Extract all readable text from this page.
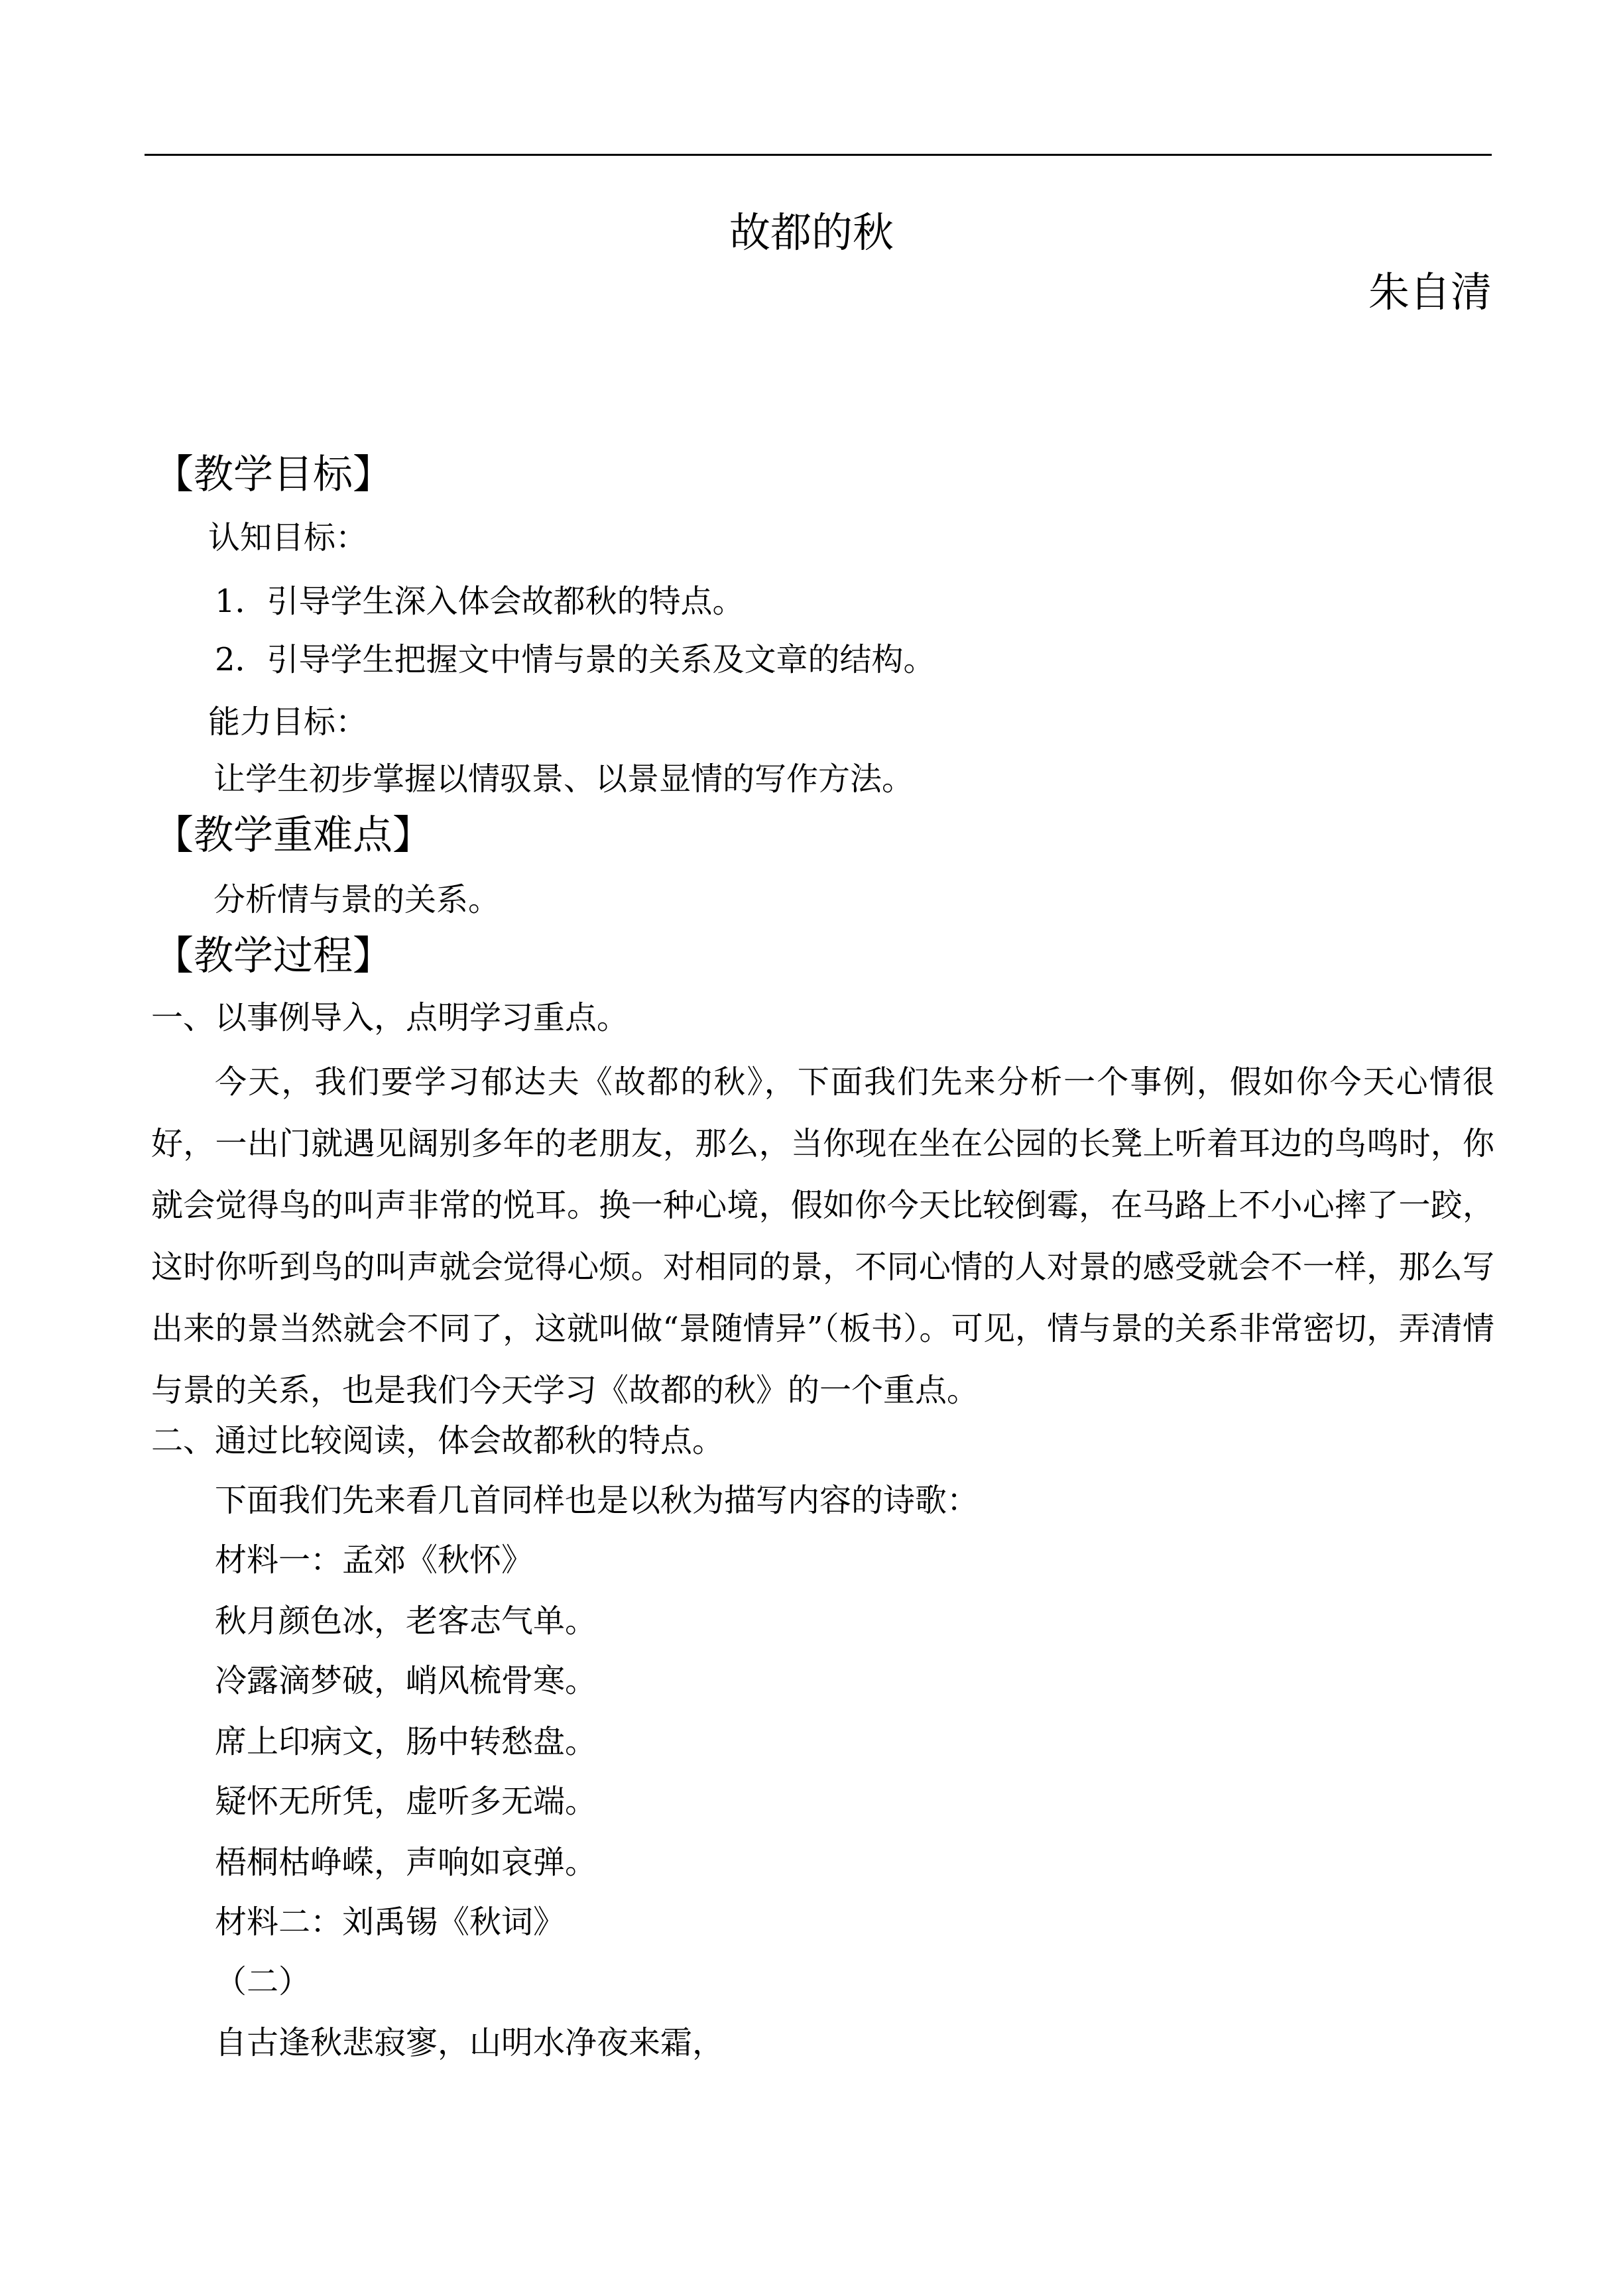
故都的秋
朱自清
【教学目标】
认知目标：
1．引导学生深入体会故都秋的特点。
2．引导学生把握文中情与景的关系及文章的结构。
能力目标：
让学生初步掌握以情驭景、以景显情的写作方法。
【教学重难点】
分析情与景的关系。
【教学过程】
一、以事例导入，点明学习重点。
今天，我们要学习郁达夫《故都的秋》，下面我们先来分析一个事例，假如你今天心情很好，一出门就遇见阔别多年的老朋友，那么，当你现在坐在公园的长凳上听着耳边的鸟鸣时，你就会觉得鸟的叫声非常的悦耳。换一种心境，假如你今天比较倒霉，在马路上不小心摔了一跤，这时你听到鸟的叫声就会觉得心烦。对相同的景，不同心情的人对景的感受就会不一样，那么写出来的景当然就会不同了，这就叫做“景随情异”（板书）。可见，情与景的关系非常密切，弄清情与景的关系，也是我们今天学习《故都的秋》的一个重点。
二、通过比较阅读，体会故都秋的特点。
下面我们先来看几首同样也是以秋为描写内容的诗歌：
材料一：孟郊《秋怀》
秋月颜色冰，老客志气单。
冷露滴梦破，峭风梳骨寒。
席上印病文，肠中转愁盘。
疑怀无所凭，虚听多无端。
梧桐枯峥嵘，声响如哀弹。
材料二：刘禹锡《秋词》
（二）
自古逢秋悲寂寥，山明水净夜来霜，
